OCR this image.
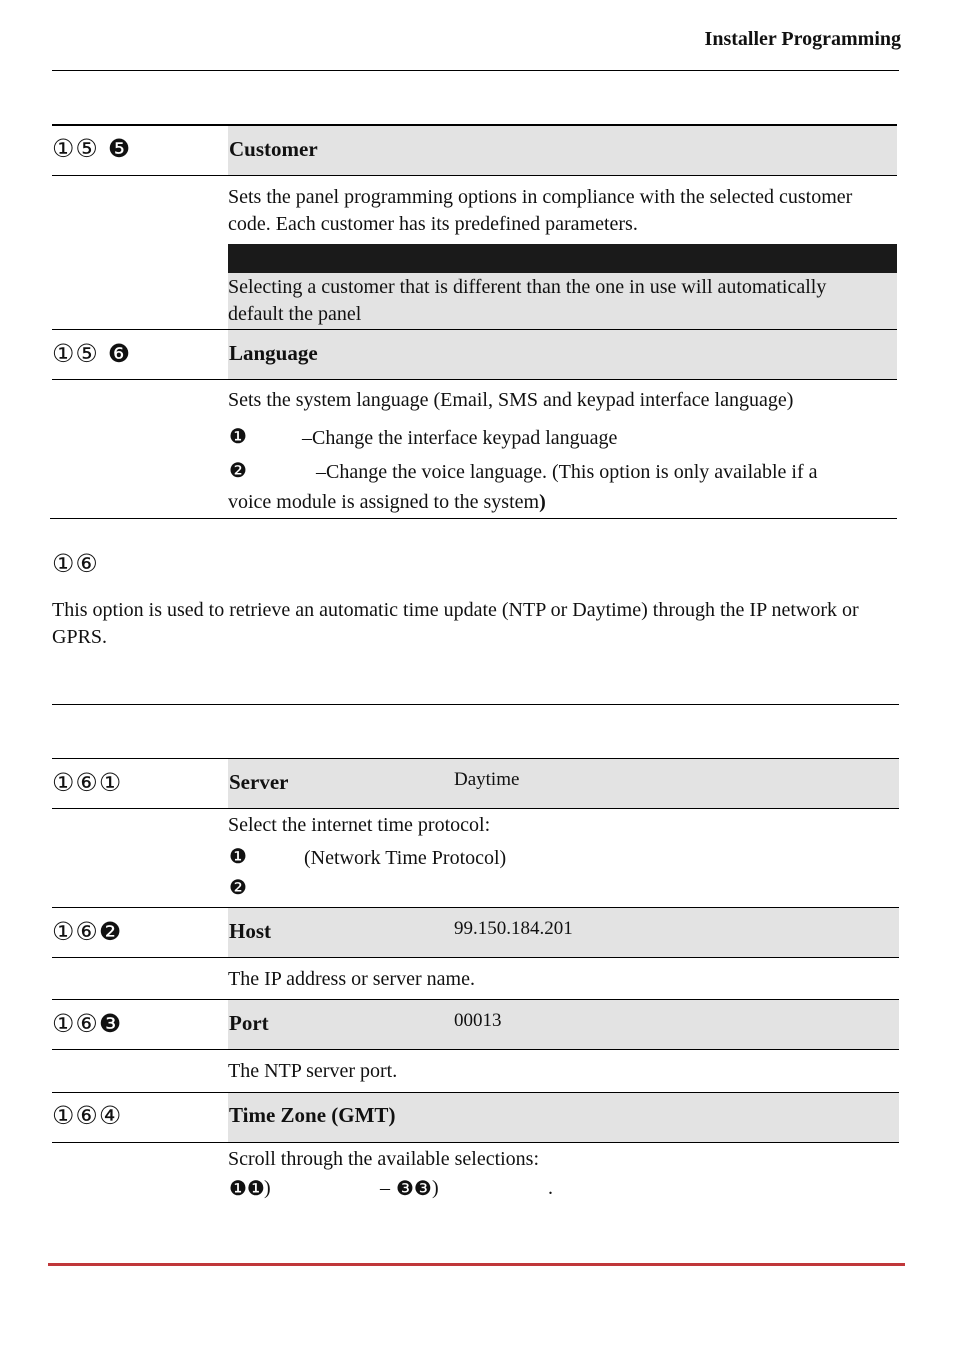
Installer Programming
①⑤ ❺	Customer
Sets the panel programming options in compliance with the selected customer code. Each customer has its predefined parameters.
Selecting a customer that is different than the one in use will automatically default the panel
①⑤ ❻	Language
Sets the system language (Email, SMS and keypad interface language)
❶	–Change the interface keypad language
❷	–Change the voice language. (This option is only available if a
voice module is assigned to the system)
①⑥
This option is used to retrieve an automatic time update (NTP or Daytime) through the IP network or GPRS.
①⑥①	Server	Daytime
Select the internet time protocol:
❶	(Network Time Protocol)
❷
①⑥❷	Host	99.150.184.201
The IP address or server name.
①⑥❸	Port	00013
The NTP server port.
①⑥④	Time Zone (GMT)
Scroll through the available selections:
❶❶ )	– ❸❸ )	.
